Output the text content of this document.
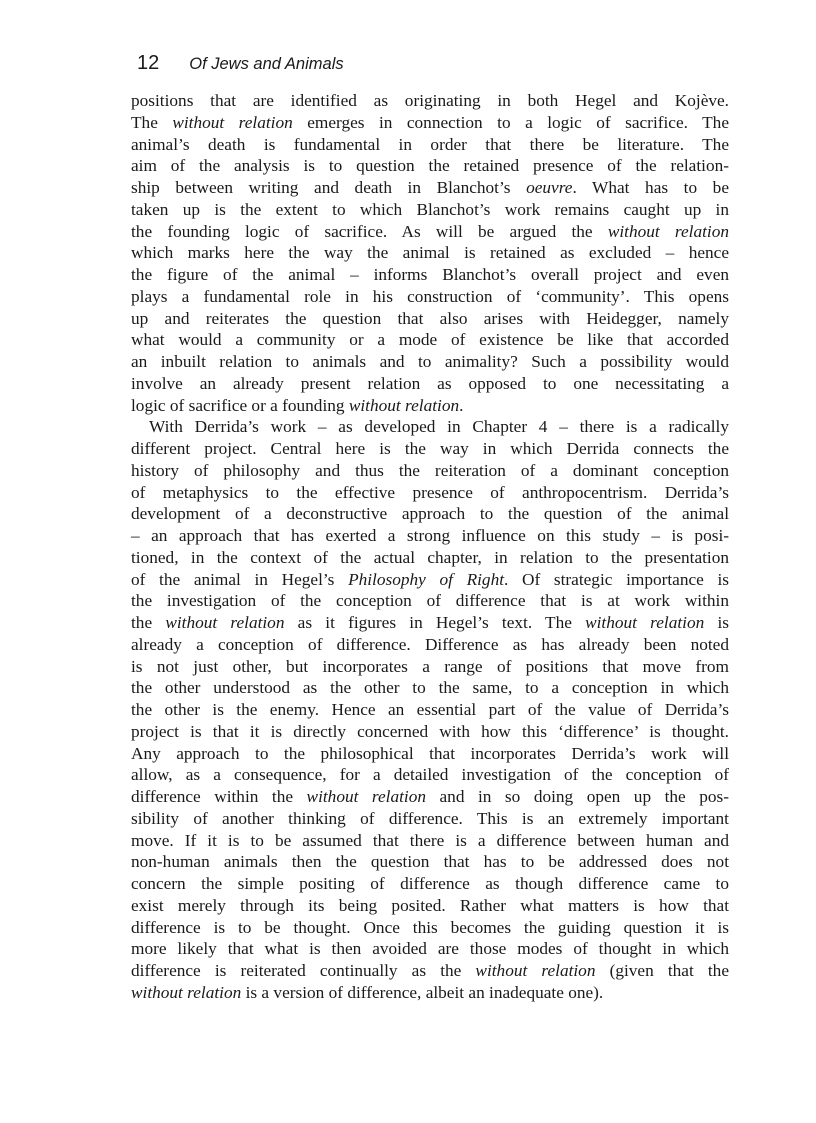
12 Of Jews and Animals
positions that are identified as originating in both Hegel and Kojève.
The without relation emerges in connection to a logic of sacrifice. The
animal’s death is fundamental in order that there be literature. The
aim of the analysis is to question the retained presence of the relation-
ship between writing and death in Blanchot’s oeuvre. What has to be
taken up is the extent to which Blanchot’s work remains caught up in
the founding logic of sacrifice. As will be argued the without relation
which marks here the way the animal is retained as excluded – hence
the figure of the animal – informs Blanchot’s overall project and even
plays a fundamental role in his construction of ‘community’. This opens
up and reiterates the question that also arises with Heidegger, namely
what would a community or a mode of existence be like that accorded
an inbuilt relation to animals and to animality? Such a possibility would
involve an already present relation as opposed to one necessitating a
logic of sacrifice or a founding without relation.
With Derrida’s work – as developed in Chapter 4 – there is a radically
different project. Central here is the way in which Derrida connects the
history of philosophy and thus the reiteration of a dominant conception
of metaphysics to the effective presence of anthropocentrism. Derrida’s
development of a deconstructive approach to the question of the animal
– an approach that has exerted a strong influence on this study – is posi-
tioned, in the context of the actual chapter, in relation to the presentation
of the animal in Hegel’s Philosophy of Right. Of strategic importance is
the investigation of the conception of difference that is at work within
the without relation as it figures in Hegel’s text. The without relation is
already a conception of difference. Difference as has already been noted
is not just other, but incorporates a range of positions that move from
the other understood as the other to the same, to a conception in which
the other is the enemy. Hence an essential part of the value of Derrida’s
project is that it is directly concerned with how this ‘difference’ is thought.
Any approach to the philosophical that incorporates Derrida’s work will
allow, as a consequence, for a detailed investigation of the conception of
difference within the without relation and in so doing open up the pos-
sibility of another thinking of difference. This is an extremely important
move. If it is to be assumed that there is a difference between human and
non-human animals then the question that has to be addressed does not
concern the simple positing of difference as though difference came to
exist merely through its being posited. Rather what matters is how that
difference is to be thought. Once this becomes the guiding question it is
more likely that what is then avoided are those modes of thought in which
difference is reiterated continually as the without relation (given that the
without relation is a version of difference, albeit an inadequate one).
